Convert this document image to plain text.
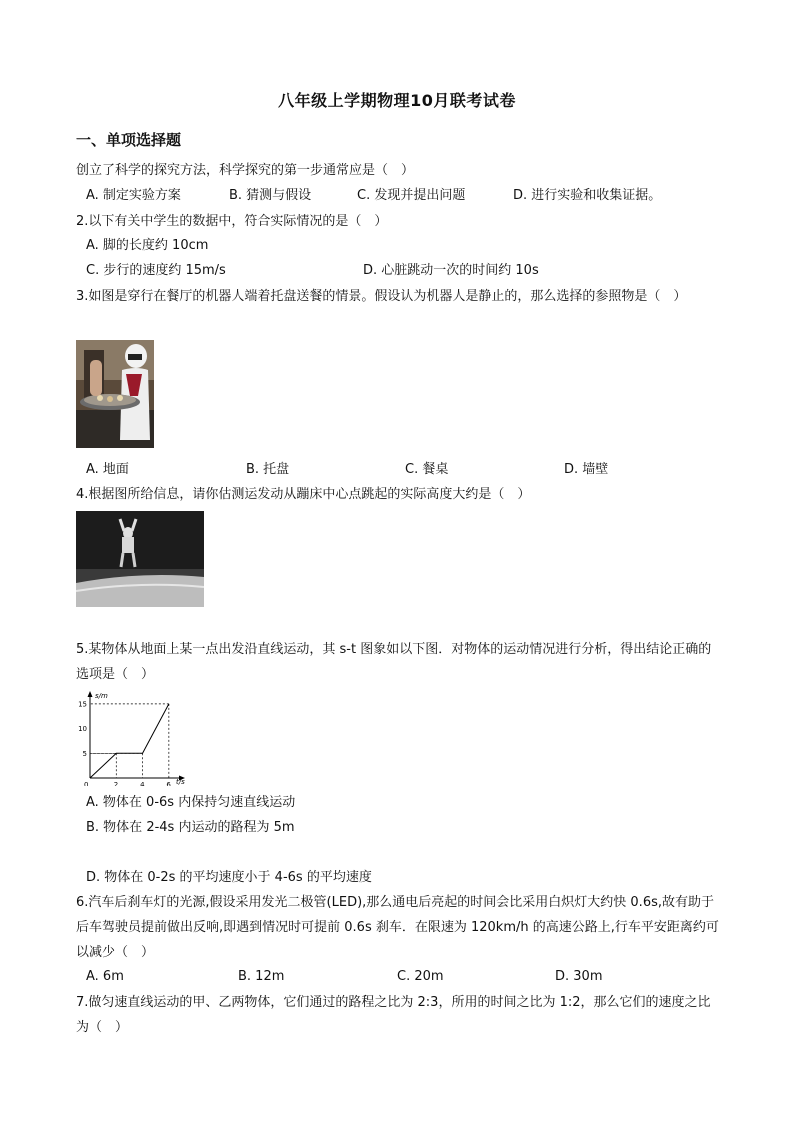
八年级上学期物理10月联考试卷
一、单项选择题
创立了科学的探究方法，科学探究的第一步通常应是（　）
A. 制定实验方案	B. 猜测与假设	C. 发现并提出问题	D. 进行实验和收集证据。
2.以下有关中学生的数据中，符合实际情况的是（　）
A. 脚的长度约 10cm
C. 步行的速度约 15m/s	D. 心脏跳动一次的时间约 10s
3.如图是穿行在餐厅的机器人端着托盘送餐的情景。假设认为机器人是静止的，那么选择的参照物是（　）
A. 地面	B. 托盘	C. 餐桌	D. 墙壁
4.根据图所给信息，请你估测运发动从蹦床中心点跳起的实际高度大约是（　）
5.某物体从地面上某一点出发沿直线运动，其 s-t 图象如以下图．对物体的运动情况进行分析，得出结论正确的选项是（　）
s/m
t/s
0	2	4	6
5
10
15
A. 物体在 0-6s 内保持匀速直线运动
B. 物体在 2-4s 内运动的路程为 5m
D. 物体在 0-2s 的平均速度小于 4-6s 的平均速度
6.汽车后刹车灯的光源,假设采用发光二极管(LED),那么通电后亮起的时间会比采用白炽灯大约快 0.6s,故有助于后车驾驶员提前做出反响,即遇到情况时可提前 0.6s 刹车．在限速为 120km/h 的高速公路上,行车平安距离约可以减少（　）
A. 6m	B. 12m	C. 20m	D. 30m
7.做匀速直线运动的甲、乙两物体，它们通过的路程之比为 2:3，所用的时间之比为 1:2，那么它们的速度之比为（　）
